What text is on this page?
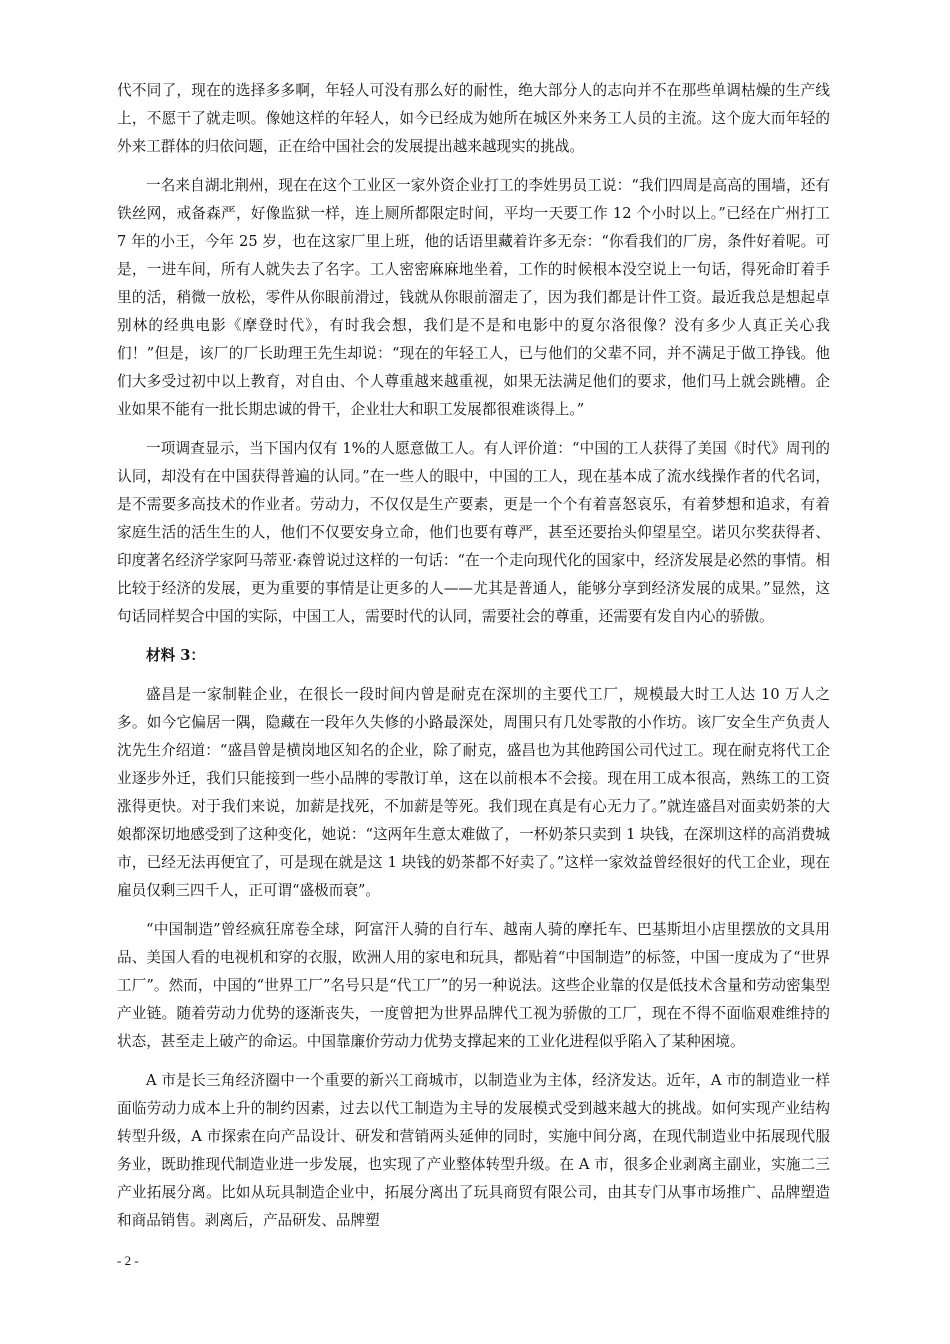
代不同了，现在的选择多多啊，年轻人可没有那么好的耐性，绝大部分人的志向并不在那些单调枯燥的生产线上，不愿干了就走呗。像她这样的年轻人，如今已经成为她所在城区外来务工人员的主流。这个庞大而年轻的外来工群体的归依问题，正在给中国社会的发展提出越来越现实的挑战。

一名来自湖北荆州，现在在这个工业区一家外资企业打工的李姓男员工说：“我们四周是高高的围墙，还有铁丝网，戒备森严，好像监狱一样，连上厕所都限定时间，平均一天要工作 12 个小时以上。”已经在广州打工 7 年的小王，今年 25 岁，也在这家厂里上班，他的话语里藏着许多无奈：“你看我们的厂房，条件好着呢。可是，一进车间，所有人就失去了名字。工人密密麻麻地坐着，工作的时候根本没空说上一句话，得死命盯着手里的活，稍微一放松，零件从你眼前滑过，钱就从你眼前溜走了，因为我们都是计件工资。最近我总是想起卓别林的经典电影《摩登时代》，有时我会想，我们是不是和电影中的夏尔洛很像？没有多少人真正关心我们！”但是，该厂的厂长助理王先生却说：“现在的年轻工人，已与他们的父辈不同，并不满足于做工挣钱。他们大多受过初中以上教育，对自由、个人尊重越来越重视，如果无法满足他们的要求，他们马上就会跳槽。企业如果不能有一批长期忠诚的骨干，企业壮大和职工发展都很难谈得上。”

一项调查显示，当下国内仅有 1%的人愿意做工人。有人评价道：“中国的工人获得了美国《时代》周刊的认同，却没有在中国获得普遍的认同。”在一些人的眼中，中国的工人，现在基本成了流水线操作者的代名词，是不需要多高技术的作业者。劳动力，不仅仅是生产要素，更是一个个有着喜怒哀乐，有着梦想和追求，有着家庭生活的活生生的人，他们不仅要安身立命，他们也要有尊严，甚至还要抬头仰望星空。诺贝尔奖获得者、印度著名经济学家阿马蒂亚·森曾说过这样的一句话：“在一个走向现代化的国家中，经济发展是必然的事情。相比较于经济的发展，更为重要的事情是让更多的人——尤其是普通人，能够分享到经济发展的成果。”显然，这句话同样契合中国的实际，中国工人，需要时代的认同，需要社会的尊重，还需要有发自内心的骄傲。

材料 3：

盛昌是一家制鞋企业，在很长一段时间内曾是耐克在深圳的主要代工厂，规模最大时工人达 10 万人之多。如今它偏居一隅，隐藏在一段年久失修的小路最深处，周围只有几处零散的小作坊。该厂安全生产负责人沈先生介绍道：“盛昌曾是横岗地区知名的企业，除了耐克，盛昌也为其他跨国公司代过工。现在耐克将代工企业逐步外迁，我们只能接到一些小品牌的零散订单，这在以前根本不会接。现在用工成本很高，熟练工的工资涨得更快。对于我们来说，加薪是找死，不加薪是等死。我们现在真是有心无力了。”就连盛昌对面卖奶茶的大娘都深切地感受到了这种变化，她说：“这两年生意太难做了，一杯奶茶只卖到 1 块钱，在深圳这样的高消费城市，已经无法再便宜了，可是现在就是这 1 块钱的奶茶都不好卖了。”这样一家效益曾经很好的代工企业，现在雇员仅剩三四千人，正可谓“盛极而衰”。

“中国制造”曾经疯狂席卷全球，阿富汗人骑的自行车、越南人骑的摩托车、巴基斯坦小店里摆放的文具用品、美国人看的电视机和穿的衣服，欧洲人用的家电和玩具，都贴着“中国制造”的标签，中国一度成为了“世界工厂”。然而，中国的“世界工厂”名号只是“代工厂”的另一种说法。这些企业靠的仅是低技术含量和劳动密集型产业链。随着劳动力优势的逐渐丧失，一度曾把为世界品牌代工视为骄傲的工厂，现在不得不面临艰难维持的状态，甚至走上破产的命运。中国靠廉价劳动力优势支撑起来的工业化进程似乎陷入了某种困境。

A 市是长三角经济圈中一个重要的新兴工商城市，以制造业为主体，经济发达。近年，A 市的制造业一样面临劳动力成本上升的制约因素，过去以代工制造为主导的发展模式受到越来越大的挑战。如何实现产业结构转型升级，A 市探索在向产品设计、研发和营销两头延伸的同时，实施中间分离，在现代制造业中拓展现代服务业，既助推现代制造业进一步发展，也实现了产业整体转型升级。在 A 市，很多企业剥离主副业，实施二三产业拓展分离。比如从玩具制造企业中，拓展分离出了玩具商贸有限公司，由其专门从事市场推广、品牌塑造和商品销售。剥离后，产品研发、品牌塑

- 2 -
